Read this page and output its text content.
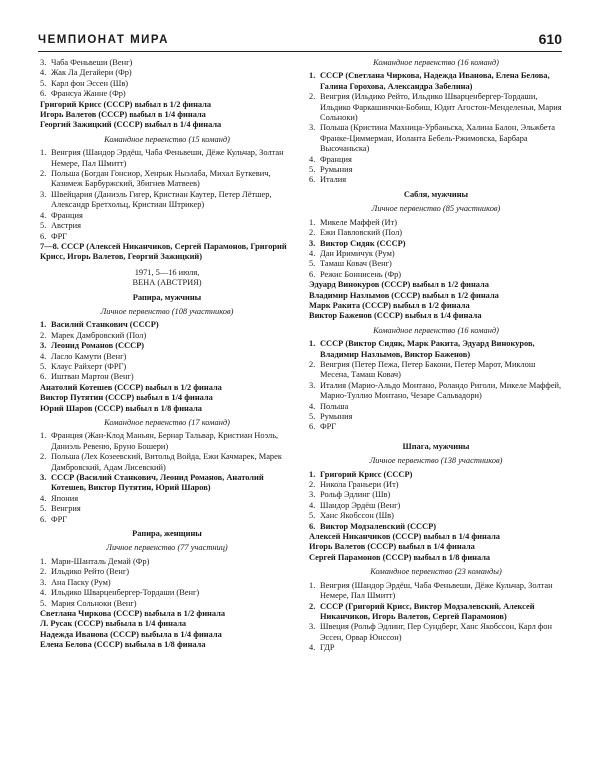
ЧЕМПИОНАТ МИРА	610
3. Чаба Феньвеши (Венг)
4. Жак Ла Дегайери (Фр)
5. Карл фон Эссен (Шв)
6. Франсуа Жанне (Фр)
Григорий Крисс (СССР) выбыл в 1/2 финала
Игорь Валетов (СССР) выбыл в 1/4 финала
Георгий Зажицкий (СССР) выбыл в 1/4 финала
Командное первенство (15 команд)
1. Венгрия (Шандор Эрдёш, Чаба Феньвеши, Дёже Кульчар, Золтан Немере, Пал Шмитт)
2. Польша (Богдан Гонсиор, Хенрык Ныэлаба, Михал Буткевич, Казимеж Барбуржский, Збигнев Матвеев)
3. Швейцария (Даниэль Гигер, Кристиан Каутер, Петер Лётшер, Александр Бретхольц, Кристиан Штрикер)
4. Франция
5. Австрия
6. ФРГ
7—8. СССР (Алексей Никанчиков, Сергей Парамонов, Григорий Крисс, Игорь Валетов, Георгий Зажицкий)
1971, 5—16 июля,
ВЕНА (АВСТРИЯ)
Рапира, мужчины
Личное первенство (108 участников)
1. Василий Станкович (СССР)
2. Марек Дамбровский (Пол)
3. Леонид Романов (СССР)
4. Ласло Камути (Венг)
5. Клаус Райхерт (ФРГ)
6. Иштван Мартон (Венг)
Анатолий Котешев (СССР) выбыл в 1/2 финала
Виктор Путятин (СССР) выбыл в 1/4 финала
Юрий Шаров (СССР) выбыл в 1/8 финала
Командное первенство (17 команд)
1. Франция (Жан-Клод Маньян, Бернар Тальвар, Кристиан Ноэль, Даниэль Ревеню, Бруно Бошери)
2. Польша (Лех Козеевский, Витольд Войда, Ежи Качмарек, Марек Дамбровский, Адам Лисевский)
3. СССР (Василий Станкович, Леонид Романов, Анатолий Котешев, Виктор Путятин, Юрий Шаров)
4. Япония
5. Венгрия
6. ФРГ
Рапира, женщины
Личное первенство (77 участниц)
1. Мари-Шанталь Демай (Фр)
2. Ильдико Рейто (Венг)
3. Ана Паску (Рум)
4. Ильдико Шварценбергер-Тордаши (Венг)
5. Мария Сольноки (Венг)
Светлана Чиркова (СССР) выбыла в 1/2 финала
Л. Русак (СССР) выбыла в 1/4 финала
Надежда Иванова (СССР) выбыла в 1/4 финала
Елена Белова (СССР) выбыла в 1/8 финала
Командное первенство (16 команд)
1. СССР (Светлана Чиркова, Надежда Иванова, Елена Белова, Галина Горохова, Александра Забелина)
2. Венгрия (Ильдико Рейто, Ильдико Шварценбергер-Тордаши, Ильдико Фаркашинчки-Бобиш, Юдит Агостон-Менделеньи, Мария Сольноки)
3. Польша (Кристина Махница-Урбаньска, Халина Балон, Эльжбета Франке-Циммерман, Иоланта Бебель-Ржимовска, Барбара Высочаньска)
4. Франция
5. Румыния
6. Италия
Сабля, мужчины
Личное первенство (85 участников)
1. Микеле Маффей (Ит)
2. Ежи Павловский (Пол)
3. Виктор Сидяк (СССР)
4. Дан Иримичук (Рум)
5. Тамаш Ковач (Венг)
6. Режис Боннисень (Фр)
Эдуард Винокуров (СССР) выбыл в 1/2 финала
Владимир Назлымов (СССР) выбыл в 1/2 финала
Марк Ракита (СССР) выбыл в 1/2 финала
Виктор Баженов (СССР) выбыл в 1/4 финала
Командное первенство (16 команд)
1. СССР (Виктор Сидяк, Марк Ракита, Эдуард Винокуров, Владимир Назлымов, Виктор Баженов)
2. Венгрия (Петер Пежа, Петер Бакони, Петер Марот, Миклош Месена, Тамаш Ковач)
3. Италия (Марио-Альдо Монтано, Роландо Риголи, Микеле Маффей, Марио-Туллио Монтано, Чезаре Сальвадори)
4. Польша
5. Румыния
6. ФРГ
Шпага, мужчины
Личное первенство (138 участников)
1. Григорий Крисс (СССР)
2. Никола Граньери (Ит)
3. Рольф Эдлинг (Шв)
4. Шандор Эрдёш (Венг)
5. Ханс Якобссон (Шв)
6. Виктор Модзалевский (СССР)
Алексей Никанчиков (СССР) выбыл в 1/4 финала
Игорь Валетов (СССР) выбыл в 1/4 финала
Сергей Парамонов (СССР) выбыл в 1/8 финала
Командное первенство (23 команды)
1. Венгрия (Шандор Эрдёш, Чаба Феньвеши, Дёже Кульчар, Золтан Немере, Пал Шмитт)
2. СССР (Григорий Крисс, Виктор Модзалевский, Алексей Никанчиков, Игорь Валетов, Сергей Парамонов)
3. Швеция (Рольф Эдлинг, Пер Сундберг, Ханс Якобссон, Карл фон Эссен, Орвар Юнссон)
4. ГДР
